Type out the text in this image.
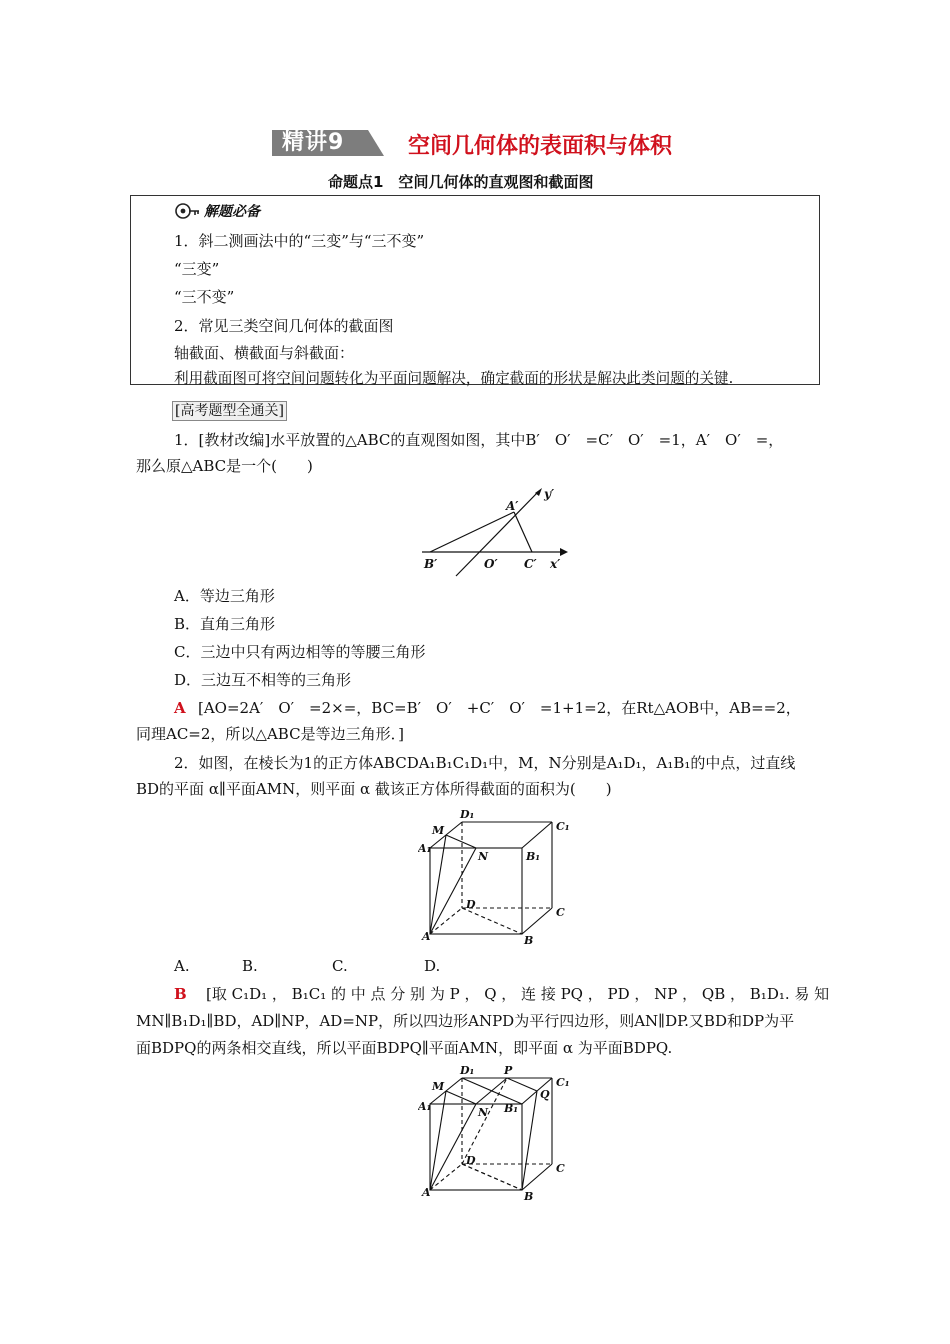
精讲9	空间几何体的表面积与体积
命题点1　空间几何体的直观图和截面图
解题必备
1．斜二测画法中的“三变”与“三不变”
“三变”
“三不变”
2．常见三类空间几何体的截面图
轴截面、横截面与斜截面：
利用截面图可将空间问题转化为平面问题解决，确定截面的形状是解决此类问题的关键.
[高考题型全通关]
1．[教材改编]水平放置的△ABC的直观图如图，其中B′　O′　=C′　O′　=1，A′　O′　=，
那么原△ABC是一个(　　)
A′
y′
B′	O′ C′ x′
A．等边三角形
B．直角三角形
C．三边中只有两边相等的等腰三角形
D．三边互不相等的三角形
A [AO=2A′　O′　=2×=，BC=B′　O′　+C′　O′　=1+1=2，在Rt△AOB中，AB==2，
同理AC=2，所以△ABC是等边三角形．]
2．如图，在棱长为1的正方体ABCDA₁B₁C₁D₁中，M，N分别是A₁D₁，A₁B₁的中点，过直线
BD的平面 α∥平面AMN，则平面 α 截该正方体所得截面的面积为(　　)
D₁
C₁
M
A₁
N	B₁
D
C
A	B
A.	B.	C.	D.
B [取 C₁D₁ ， B₁C₁ 的 中 点 分 别 为 P ， Q ， 连 接 PQ ， PD ， NP ， QB ， B₁D₁. 易 知
MN∥B₁D₁∥BD，AD∥NP，AD=NP，所以四边形ANPD为平行四边形，则AN∥DP.又BD和DP为平
面BDPQ的两条相交直线，所以平面BDPQ∥平面AMN，即平面 α 为平面BDPQ.
D₁	P
C₁
M
A₁	N B₁
Q
D
C
A	B
